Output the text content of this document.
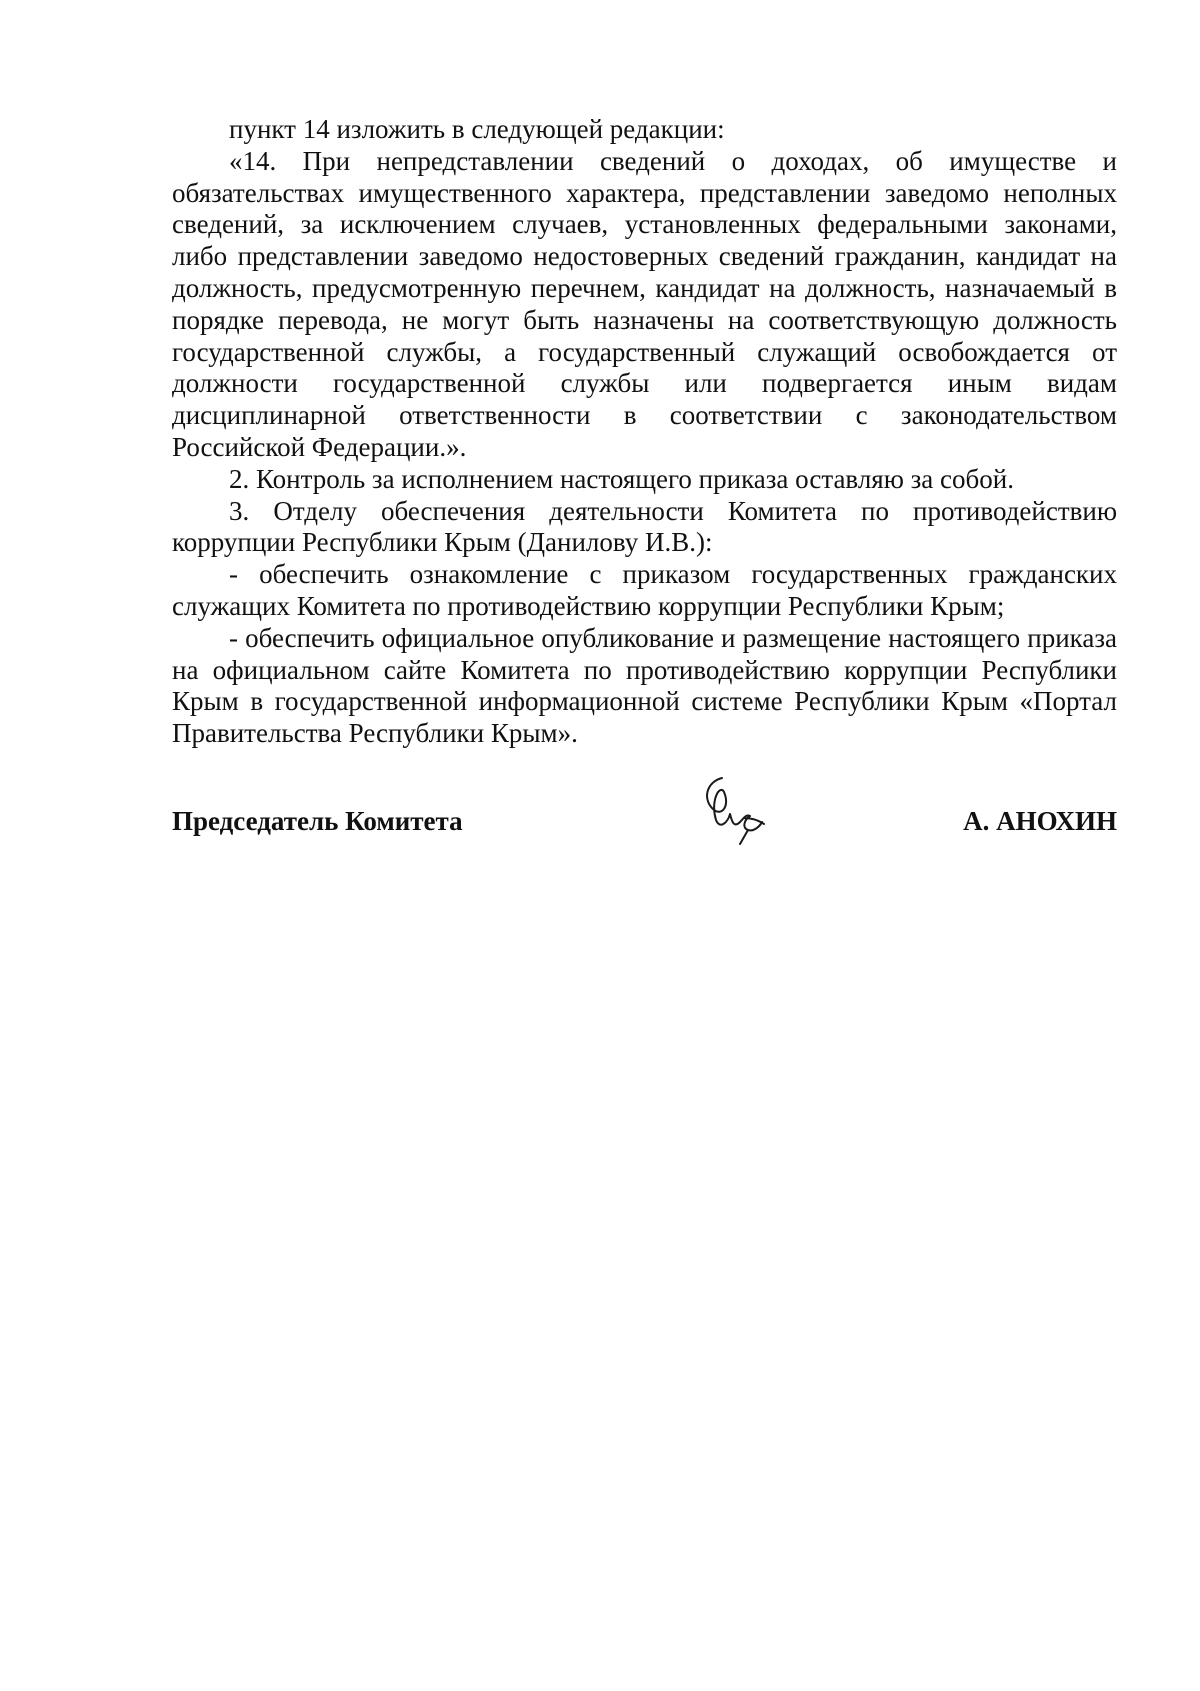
пункт 14 изложить в следующей редакции:

«14. При непредставлении сведений о доходах, об имуществе и обязательствах имущественного характера, представлении заведомо неполных сведений, за исключением случаев, установленных федеральными законами, либо представлении заведомо недостоверных сведений гражданин, кандидат на должность, предусмотренную перечнем, кандидат на должность, назначаемый в порядке перевода, не могут быть назначены на соответствующую должность государственной службы, а государственный служащий освобождается от должности государственной службы или подвергается иным видам дисциплинарной ответственности в соответствии с законодательством Российской Федерации.».

2. Контроль за исполнением настоящего приказа оставляю за собой.

3. Отделу обеспечения деятельности Комитета по противодействию коррупции Республики Крым (Данилову И.В.):

- обеспечить ознакомление с приказом государственных гражданских служащих Комитета по противодействию коррупции Республики Крым;

- обеспечить официальное опубликование и размещение настоящего приказа на официальном сайте Комитета по противодействию коррупции Республики Крым в государственной информационной системе Республики Крым «Портал Правительства Республики Крым».

Председатель Комитета	А. АНОХИН
